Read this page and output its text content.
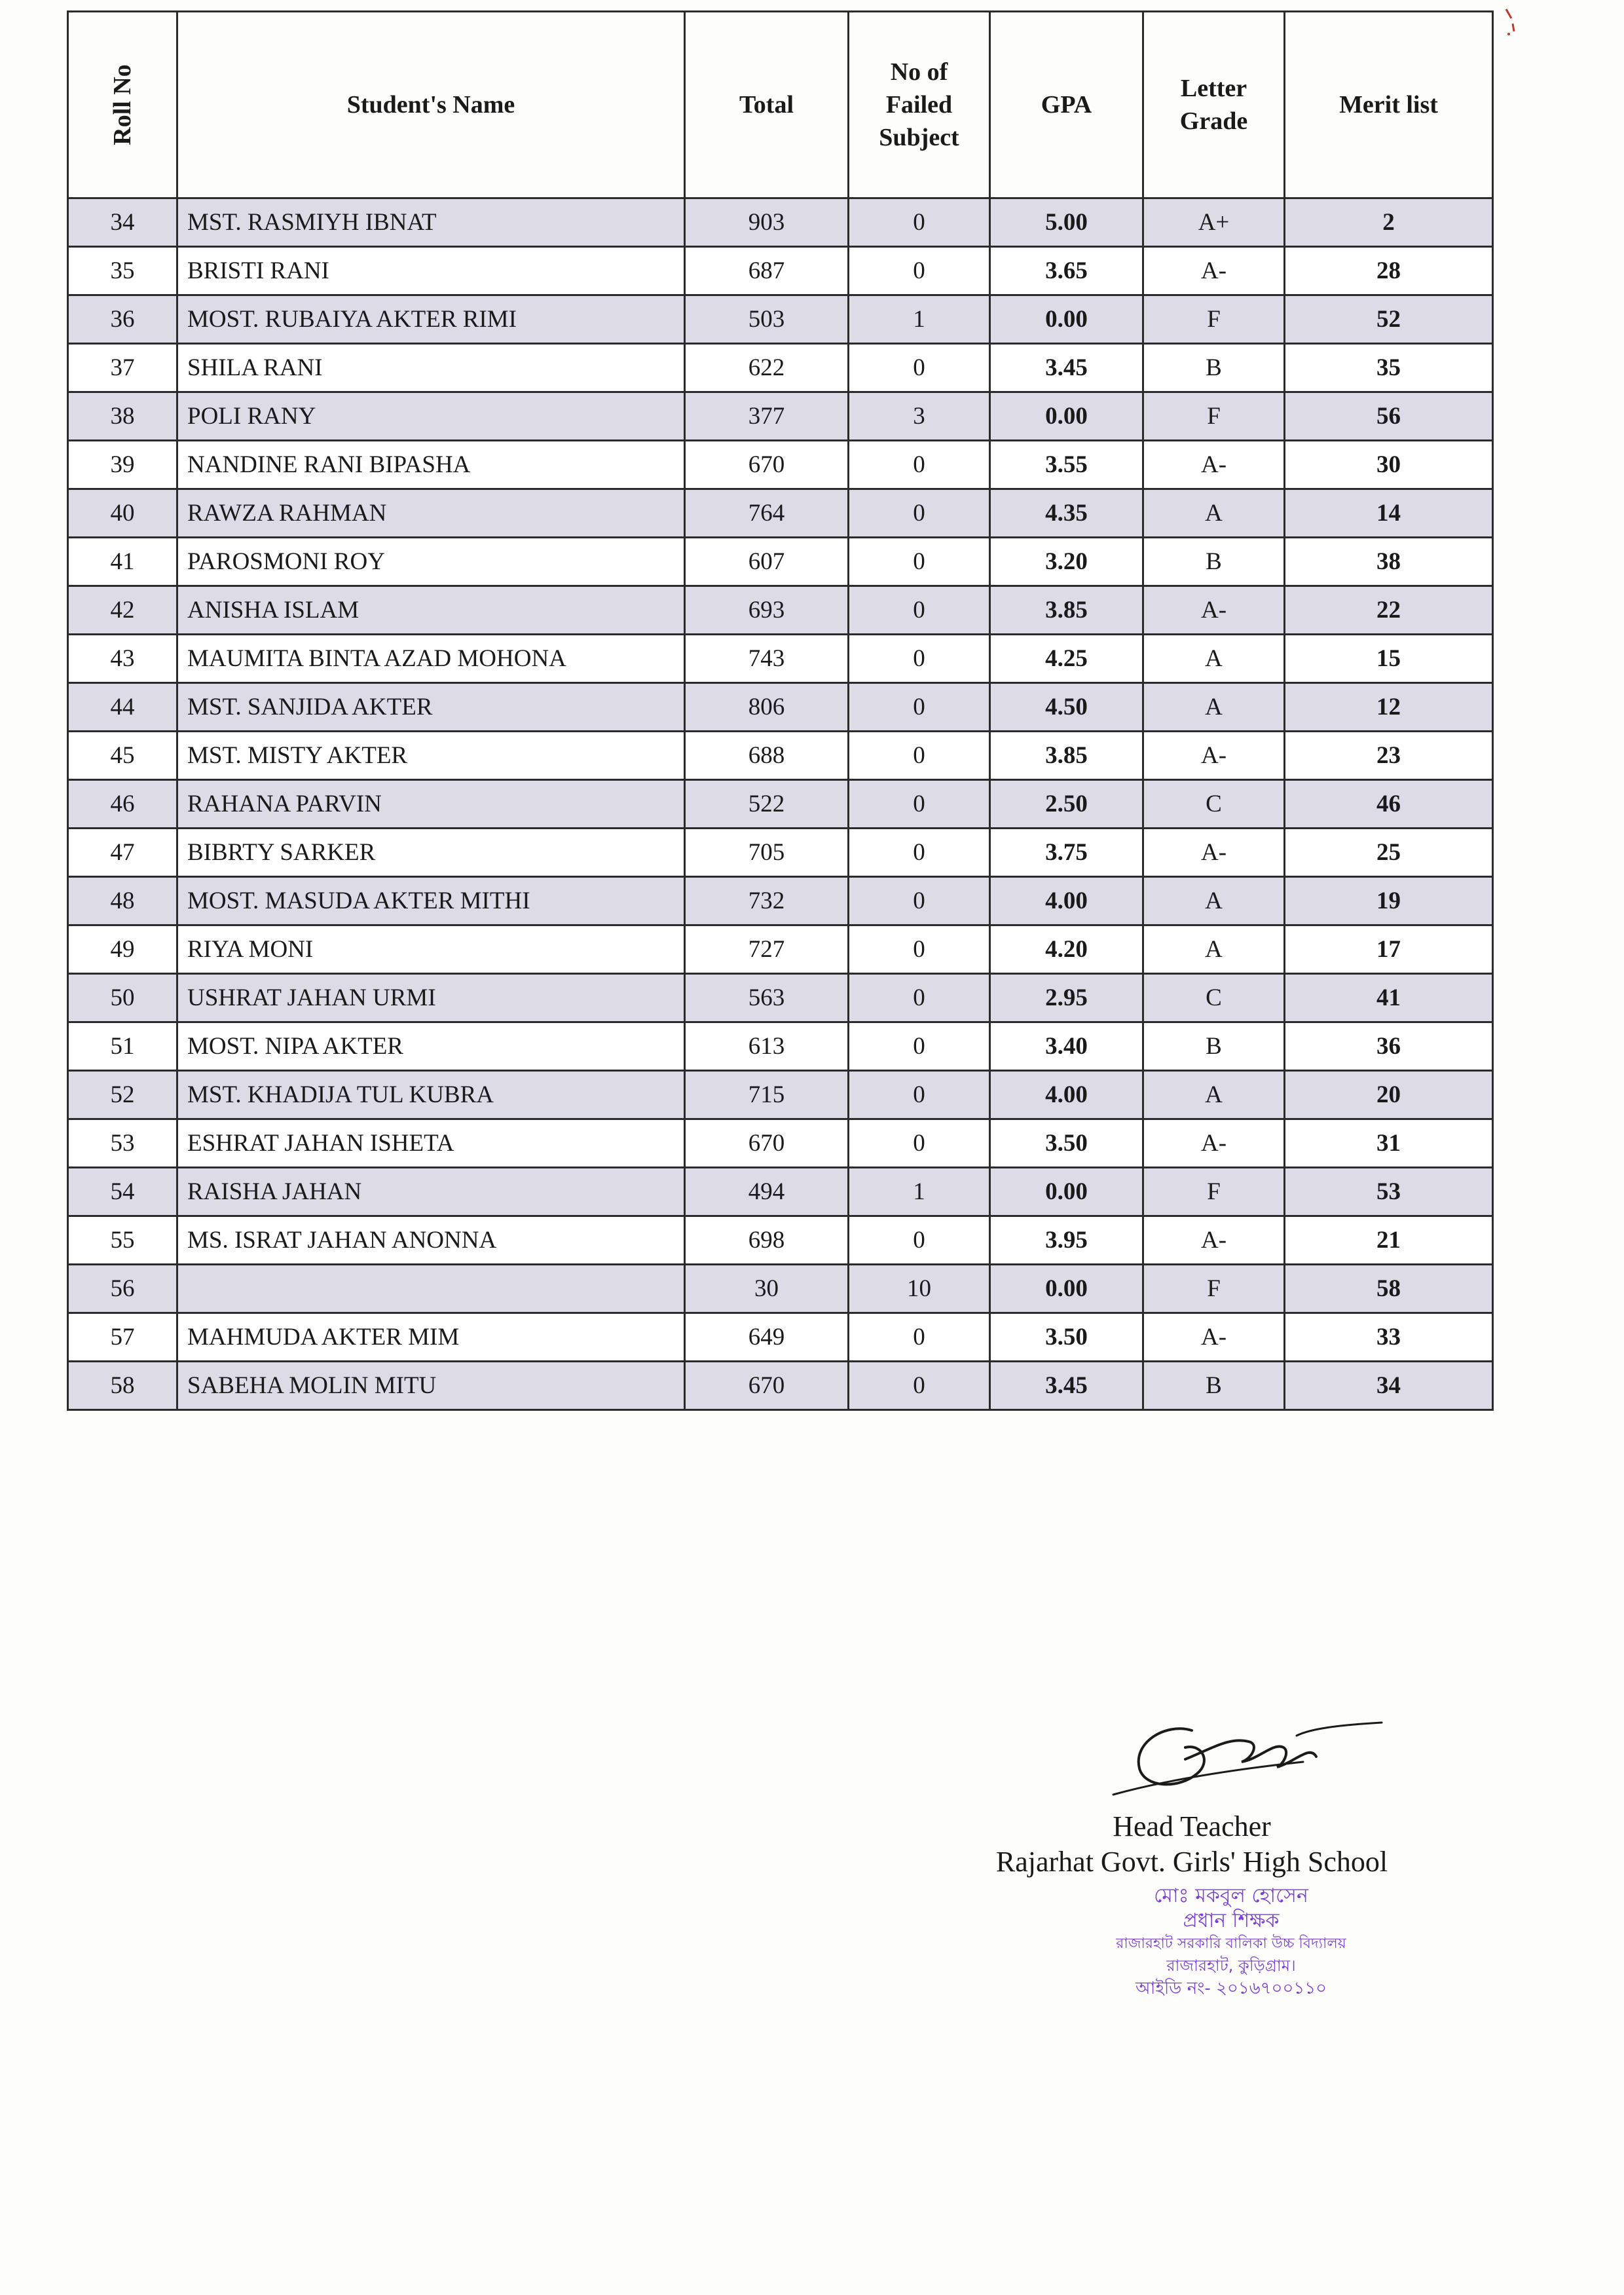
Roll No	Student's Name	Total	No of
Failed
Subject	GPA	Letter
Grade	Merit list
34	MST. RASMIYH IBNAT	903	0	5.00	A+	2
35	BRISTI RANI	687	0	3.65	A-	28
36	MOST. RUBAIYA AKTER RIMI	503	1	0.00	F	52
37	SHILA RANI	622	0	3.45	B	35
38	POLI RANY	377	3	0.00	F	56
39	NANDINE RANI BIPASHA	670	0	3.55	A-	30
40	RAWZA RAHMAN	764	0	4.35	A	14
41	PAROSMONI ROY	607	0	3.20	B	38
42	ANISHA ISLAM	693	0	3.85	A-	22
43	MAUMITA BINTA AZAD MOHONA	743	0	4.25	A	15
44	MST. SANJIDA AKTER	806	0	4.50	A	12
45	MST. MISTY AKTER	688	0	3.85	A-	23
46	RAHANA PARVIN	522	0	2.50	C	46
47	BIBRTY SARKER	705	0	3.75	A-	25
48	MOST. MASUDA AKTER MITHI	732	0	4.00	A	19
49	RIYA MONI	727	0	4.20	A	17
50	USHRAT JAHAN URMI	563	0	2.95	C	41
51	MOST. NIPA AKTER	613	0	3.40	B	36
52	MST. KHADIJA TUL KUBRA	715	0	4.00	A	20
53	ESHRAT JAHAN ISHETA	670	0	3.50	A-	31
54	RAISHA JAHAN	494	1	0.00	F	53
55	MS. ISRAT JAHAN ANONNA	698	0	3.95	A-	21
56		30	10	0.00	F	58
57	MAHMUDA AKTER MIM	649	0	3.50	A-	33
58	SABEHA MOLIN MITU	670	0	3.45	B	34
Head Teacher
Rajarhat Govt. Girls' High School
মোঃ মকবুল হোসেন
প্রধান শিক্ষক
রাজারহাট সরকারি বালিকা উচ্চ বিদ্যালয়
রাজারহাট, কুড়িগ্রাম।
আইডি নং- ২০১৬৭০০১১০
